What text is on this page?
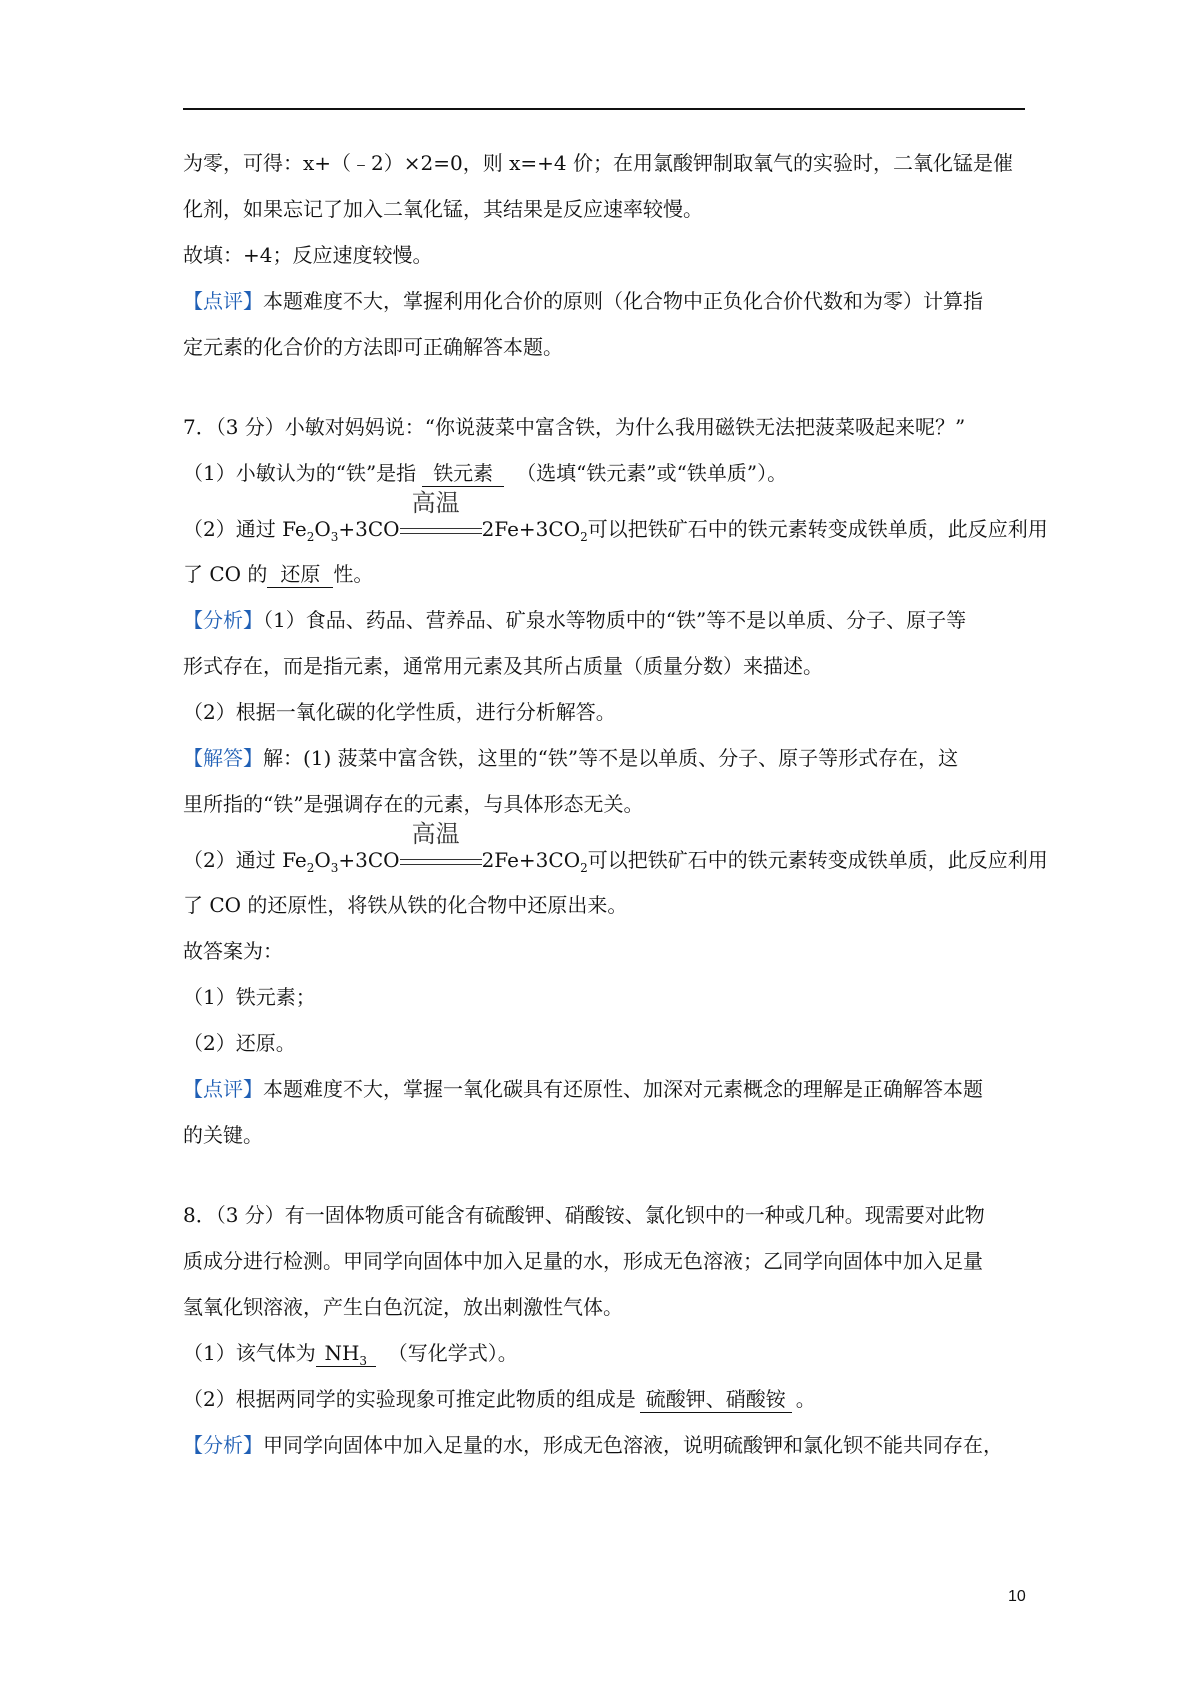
为零，可得：x+（﹣2）×2=0，则 x=+4 价；在用氯酸钾制取氧气的实验时，二氧化锰是催
化剂，如果忘记了加入二氧化锰，其结果是反应速率较慢。
故填：+4；反应速度较慢。
【点评】本题难度不大，掌握利用化合价的原则（化合物中正负化合价代数和为零）计算指
定元素的化合价的方法即可正确解答本题。
7．（3 分）小敏对妈妈说：“你说菠菜中富含铁，为什么我用磁铁无法把菠菜吸起来呢？”
（1）小敏认为的“铁”是指 铁元素 （选填“铁元素”或“铁单质”）。
（2）通过 $Fe_2O_3+3CO$
高温
$2Fe+3CO_2$可以把铁矿石中的铁元素转变成铁单质，此反应利用
了 CO 的 还原 性。
【分析】（1）食品、药品、营养品、矿泉水等物质中的“铁”等不是以单质、分子、原子等
形式存在，而是指元素，通常用元素及其所占质量（质量分数）来描述。
（2）根据一氧化碳的化学性质，进行分析解答。
【解答】解：(1) 菠菜中富含铁，这里的“铁”等不是以单质、分子、原子等形式存在，这
里所指的“铁”是强调存在的元素，与具体形态无关。
（2）通过 $Fe_2O_3+3CO$
高温
$2Fe+3CO_2$可以把铁矿石中的铁元素转变成铁单质，此反应利用
了 CO 的还原性，将铁从铁的化合物中还原出来。
故答案为：
（1）铁元素；
（2）还原。
【点评】本题难度不大，掌握一氧化碳具有还原性、加深对元素概念的理解是正确解答本题
的关键。
8．（3 分）有一固体物质可能含有硫酸钾、硝酸铵、氯化钡中的一种或几种。现需要对此物
质成分进行检测。甲同学向固体中加入足量的水，形成无色溶液；乙同学向固体中加入足量
氢氧化钡溶液，产生白色沉淀，放出刺激性气体。
（1）该气体为 $NH_3$ （写化学式）。
（2）根据两同学的实验现象可推定此物质的组成是 硫酸钾、硝酸铵 。
【分析】甲同学向固体中加入足量的水，形成无色溶液，说明硫酸钾和氯化钡不能共同存在，
10
